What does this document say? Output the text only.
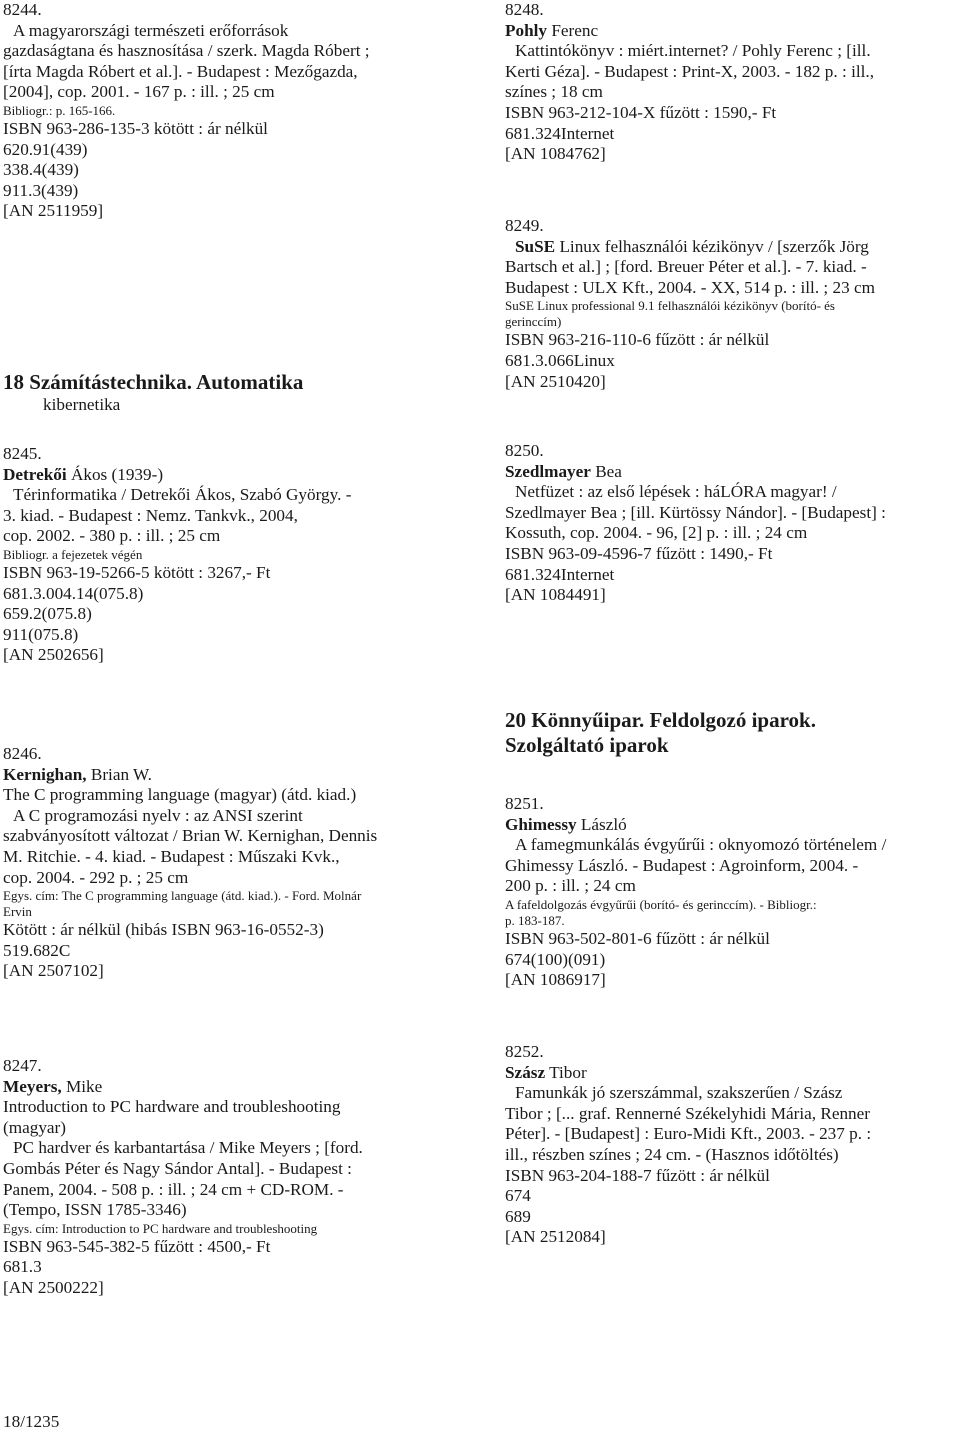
8244.
A magyarországi természeti erőforrások
gazdaságtana és hasznosítása / szerk. Magda Róbert ;
[írta Magda Róbert et al.]. - Budapest : Mezőgazda,
[2004], cop. 2001. - 167 p. : ill. ; 25 cm
Bibliogr.: p. 165-166.
ISBN 963-286-135-3 kötött : ár nélkül
620.91(439)
338.4(439)
911.3(439)
[AN 2511959]
18 Számítástechnika. Automatika
kibernetika
8245.
Detrekői Ákos (1939-)
Térinformatika / Detrekői Ákos, Szabó György. -
3. kiad. - Budapest : Nemz. Tankvk., 2004,
cop. 2002. - 380 p. : ill. ; 25 cm
Bibliogr. a fejezetek végén
ISBN 963-19-5266-5 kötött : 3267,- Ft
681.3.004.14(075.8)
659.2(075.8)
911(075.8)
[AN 2502656]
8246.
Kernighan, Brian W.
The C programming language (magyar) (átd. kiad.)
A C programozási nyelv : az ANSI szerint
szabványosított változat / Brian W. Kernighan, Dennis
M. Ritchie. - 4. kiad. - Budapest : Műszaki Kvk.,
cop. 2004. - 292 p. ; 25 cm
Egys. cím: The C programming language (átd. kiad.). - Ford. Molnár
Ervin
Kötött : ár nélkül (hibás ISBN 963-16-0552-3)
519.682C
[AN 2507102]
8247.
Meyers, Mike
Introduction to PC hardware and troubleshooting
(magyar)
PC hardver és karbantartása / Mike Meyers ; [ford.
Gombás Péter és Nagy Sándor Antal]. - Budapest :
Panem, 2004. - 508 p. : ill. ; 24 cm + CD-ROM. -
(Tempo, ISSN 1785-3346)
Egys. cím: Introduction to PC hardware and troubleshooting
ISBN 963-545-382-5 fűzött : 4500,- Ft
681.3
[AN 2500222]
8248.
Pohly Ferenc
Kattintókönyv : miért.internet? / Pohly Ferenc ; [ill.
Kerti Géza]. - Budapest : Print-X, 2003. - 182 p. : ill.,
színes ; 18 cm
ISBN 963-212-104-X fűzött : 1590,- Ft
681.324Internet
[AN 1084762]
8249.
SuSE Linux felhasználói kézikönyv / [szerzők Jörg
Bartsch et al.] ; [ford. Breuer Péter et al.]. - 7. kiad. -
Budapest : ULX Kft., 2004. - XX, 514 p. : ill. ; 23 cm
SuSE Linux professional 9.1 felhasználói kézikönyv (borító- és
gerinccím)
ISBN 963-216-110-6 fűzött : ár nélkül
681.3.066Linux
[AN 2510420]
8250.
Szedlmayer Bea
Netfüzet : az első lépések : háLÓRA magyar! /
Szedlmayer Bea ; [ill. Kürtössy Nándor]. - [Budapest] :
Kossuth, cop. 2004. - 96, [2] p. : ill. ; 24 cm
ISBN 963-09-4596-7 fűzött : 1490,- Ft
681.324Internet
[AN 1084491]
20 Könnyűipar. Feldolgozó iparok.
Szolgáltató iparok
8251.
Ghimessy László
A famegmunkálás évgyűrűi : oknyomozó történelem /
Ghimessy László. - Budapest : Agroinform, 2004. -
200 p. : ill. ; 24 cm
A fafeldolgozás évgyűrűi (borító- és gerinccím). - Bibliogr.:
p. 183-187.
ISBN 963-502-801-6 fűzött : ár nélkül
674(100)(091)
[AN 1086917]
8252.
Szász Tibor
Famunkák jó szerszámmal, szakszerűen / Szász
Tibor ; [... graf. Rennerné Székelyhidi Mária, Renner
Péter]. - [Budapest] : Euro-Midi Kft., 2003. - 237 p. :
ill., részben színes ; 24 cm. - (Hasznos időtöltés)
ISBN 963-204-188-7 fűzött : ár nélkül
674
689
[AN 2512084]
18/1235
